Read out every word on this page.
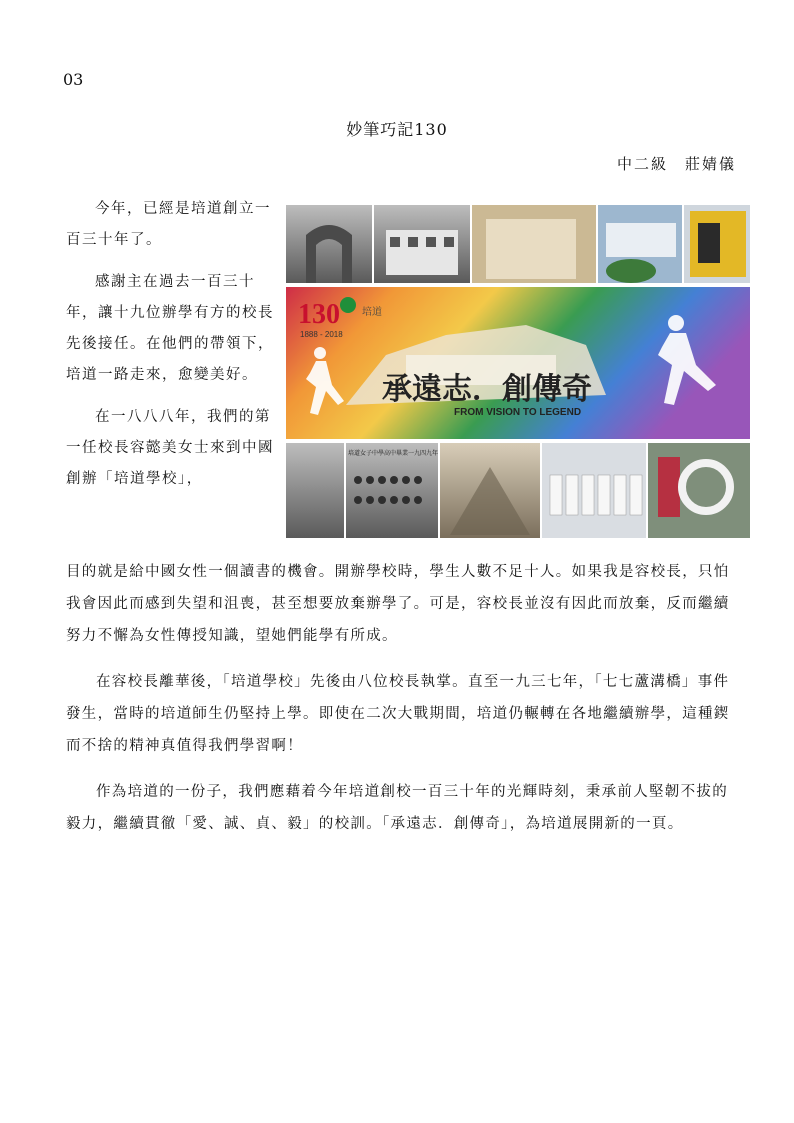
03
妙筆巧記130
中二級　莊婧儀

今年，已經是培道創立一百三十年了。

感謝主在過去一百三十年，讓十九位辦學有方的校長先後接任。在他們的帶領下，培道一路走來，愈變美好。

在一八八八年，我們的第一任校長容懿美女士來到中國創辦「培道學校」，

130 培道
1888 - 2018
承遠志．創傳奇
FROM VISION TO LEGEND
培道女子中學高中畢業一九四九年

目的就是給中國女性一個讀書的機會。開辦學校時，學生人數不足十人。如果我是容校長，只怕我會因此而感到失望和沮喪，甚至想要放棄辦學了。可是，容校長並沒有因此而放棄，反而繼續努力不懈為女性傳授知識，望她們能學有所成。

在容校長離華後，「培道學校」先後由八位校長執掌。直至一九三七年，「七七蘆溝橋」事件發生，當時的培道師生仍堅持上學。即使在二次大戰期間，培道仍輾轉在各地繼續辦學，這種鍥而不捨的精神真值得我們學習啊！

作為培道的一份子，我們應藉着今年培道創校一百三十年的光輝時刻，秉承前人堅韌不拔的毅力，繼續貫徹「愛、誠、貞、毅」的校訓。「承遠志．創傳奇」，為培道展開新的一頁。
